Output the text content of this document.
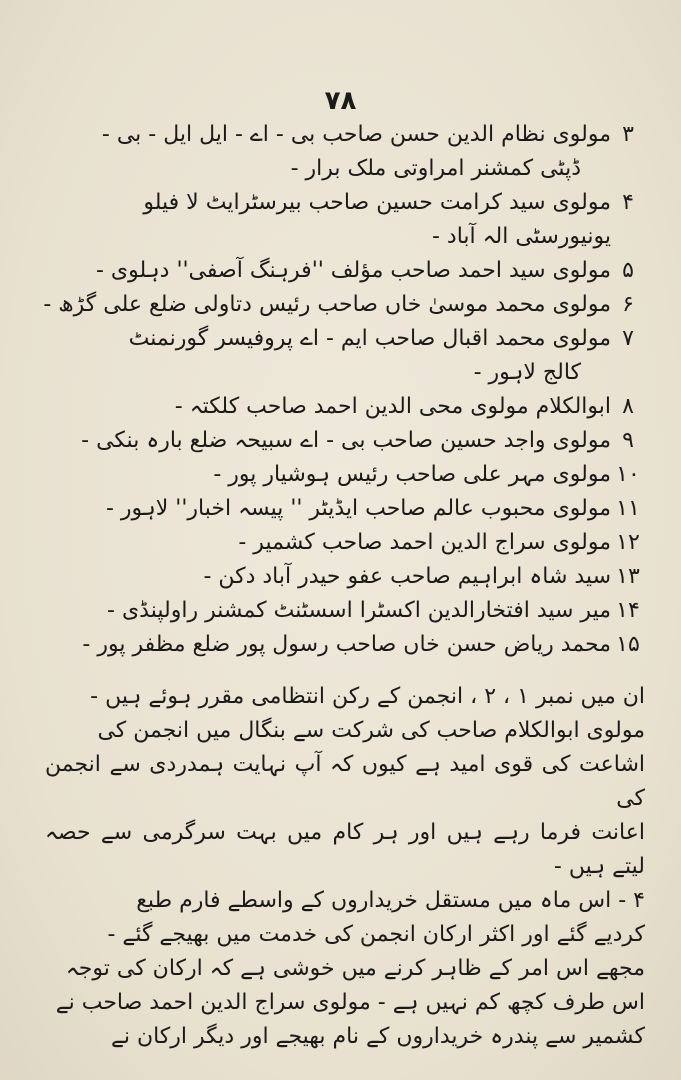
۷۸
۳
مولوی نظام الدین حسن صاحب بی - اے - ایل ایل - بی -
ڈپٹی کمشنر امراوتی ملک برار -
۴
مولوی سید کرامت حسین صاحب بیرسٹرایٹ لا فیلو
یونیورسٹی الہ آباد -
۵
مولوی سید احمد صاحب مؤلف ''فرہنگ آصفی'' دہلوی -
۶
مولوی محمد موسیٰ خاں صاحب رئیس دتاولی ضلع علی گڑھ -
۷
مولوی محمد اقبال صاحب ایم - اے پروفیسر گورنمنٹ
کالج لاہور -
۸
ابوالکلام مولوی محی الدین احمد صاحب کلکتہ -
۹
مولوی واجد حسین صاحب بی - اے سبیحہ ضلع بارہ بنکی -
۱۰
مولوی مہر علی صاحب رئیس ہوشیار پور -
۱۱
مولوی محبوب عالم صاحب ایڈیٹر '' پیسہ اخبار'' لاہور -
۱۲
مولوی سراج الدین احمد صاحب کشمیر -
۱۳
سید شاہ ابراہیم صاحب عفو حیدر آباد دکن -
۱۴
میر سید افتخارالدین اکسٹرا اسسٹنٹ کمشنر راولپنڈی -
۱۵
محمد ریاض حسن خاں صاحب رسول پور ضلع مظفر پور -

ان میں نمبر ۱ ، ۲ ، انجمن کے رکن انتظامی مقرر ہوئے ہیں -

مولوی ابوالکلام صاحب کی شرکت سے بنگال میں انجمن کی

اشاعت کی قوی امید ہے کیوں کہ آپ نہایت ہمدردی سے انجمن کی

اعانت فرما رہے ہیں اور ہر کام میں بہت سرگرمی سے حصہ لیتے ہیں -

۴ - اس ماہ میں مستقل خریداروں کے واسطے فارم طبع

کردیے گئے اور اکثر ارکان انجمن کی خدمت میں بھیجے گئے -

مجھے اس امر کے ظاہر کرنے میں خوشی ہے کہ ارکان کی توجہ

اس طرف کچھ کم نہیں ہے - مولوی سراج الدین احمد صاحب نے

کشمیر سے پندرہ خریداروں کے نام بھیجے اور دیگر ارکان نے
